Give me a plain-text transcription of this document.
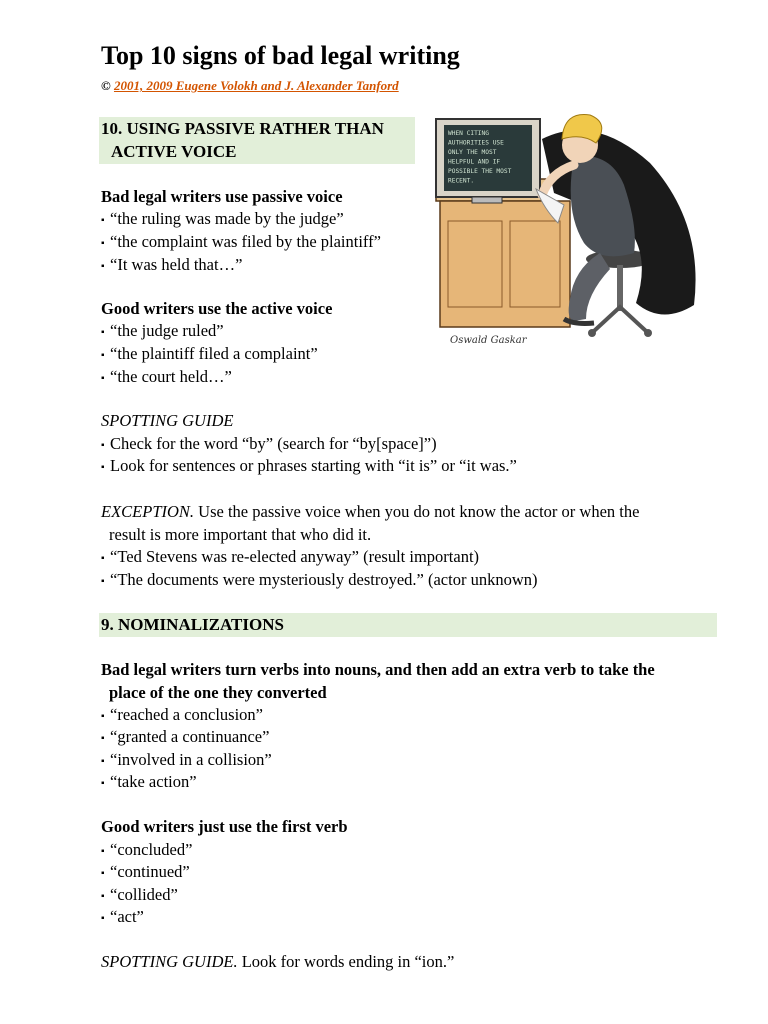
Top 10 signs of bad legal writing
© 2001, 2009 Eugene Volokh and J. Alexander Tanford
10. USING PASSIVE RATHER THAN
ACTIVE VOICE
Bad legal writers use passive voice
▪ “the ruling was made by the judge”
▪ “the complaint was filed by the plaintiff”
▪ “It was held that…”
Good writers use the active voice
▪ “the judge ruled”
▪ “the plaintiff filed a complaint”
▪ “the court held…”
SPOTTING GUIDE
▪ Check for the word “by” (search for “by[space]”)
▪ Look for sentences or phrases starting with “it is” or “it was.”
EXCEPTION. Use the passive voice when you do not know the actor or when the
result is more important that who did it.
▪ “Ted Stevens was re-elected anyway” (result important)
▪ “The documents were mysteriously destroyed.” (actor unknown)
9. NOMINALIZATIONS
Bad legal writers turn verbs into nouns, and then add an extra verb to take the
place of the one they converted
▪ “reached a conclusion”
▪ “granted a continuance”
▪ “involved in a collision”
▪ “take action”
Good writers just use the first verb
▪ “concluded”
▪ “continued”
▪ “collided”
▪ “act”
SPOTTING GUIDE. Look for words ending in “ion.”
WHEN CITING
AUTHORITIES USE
ONLY THE MOST
HELPFUL AND IF
POSSIBLE THE MOST
RECENT.
Oswald Gaskar
